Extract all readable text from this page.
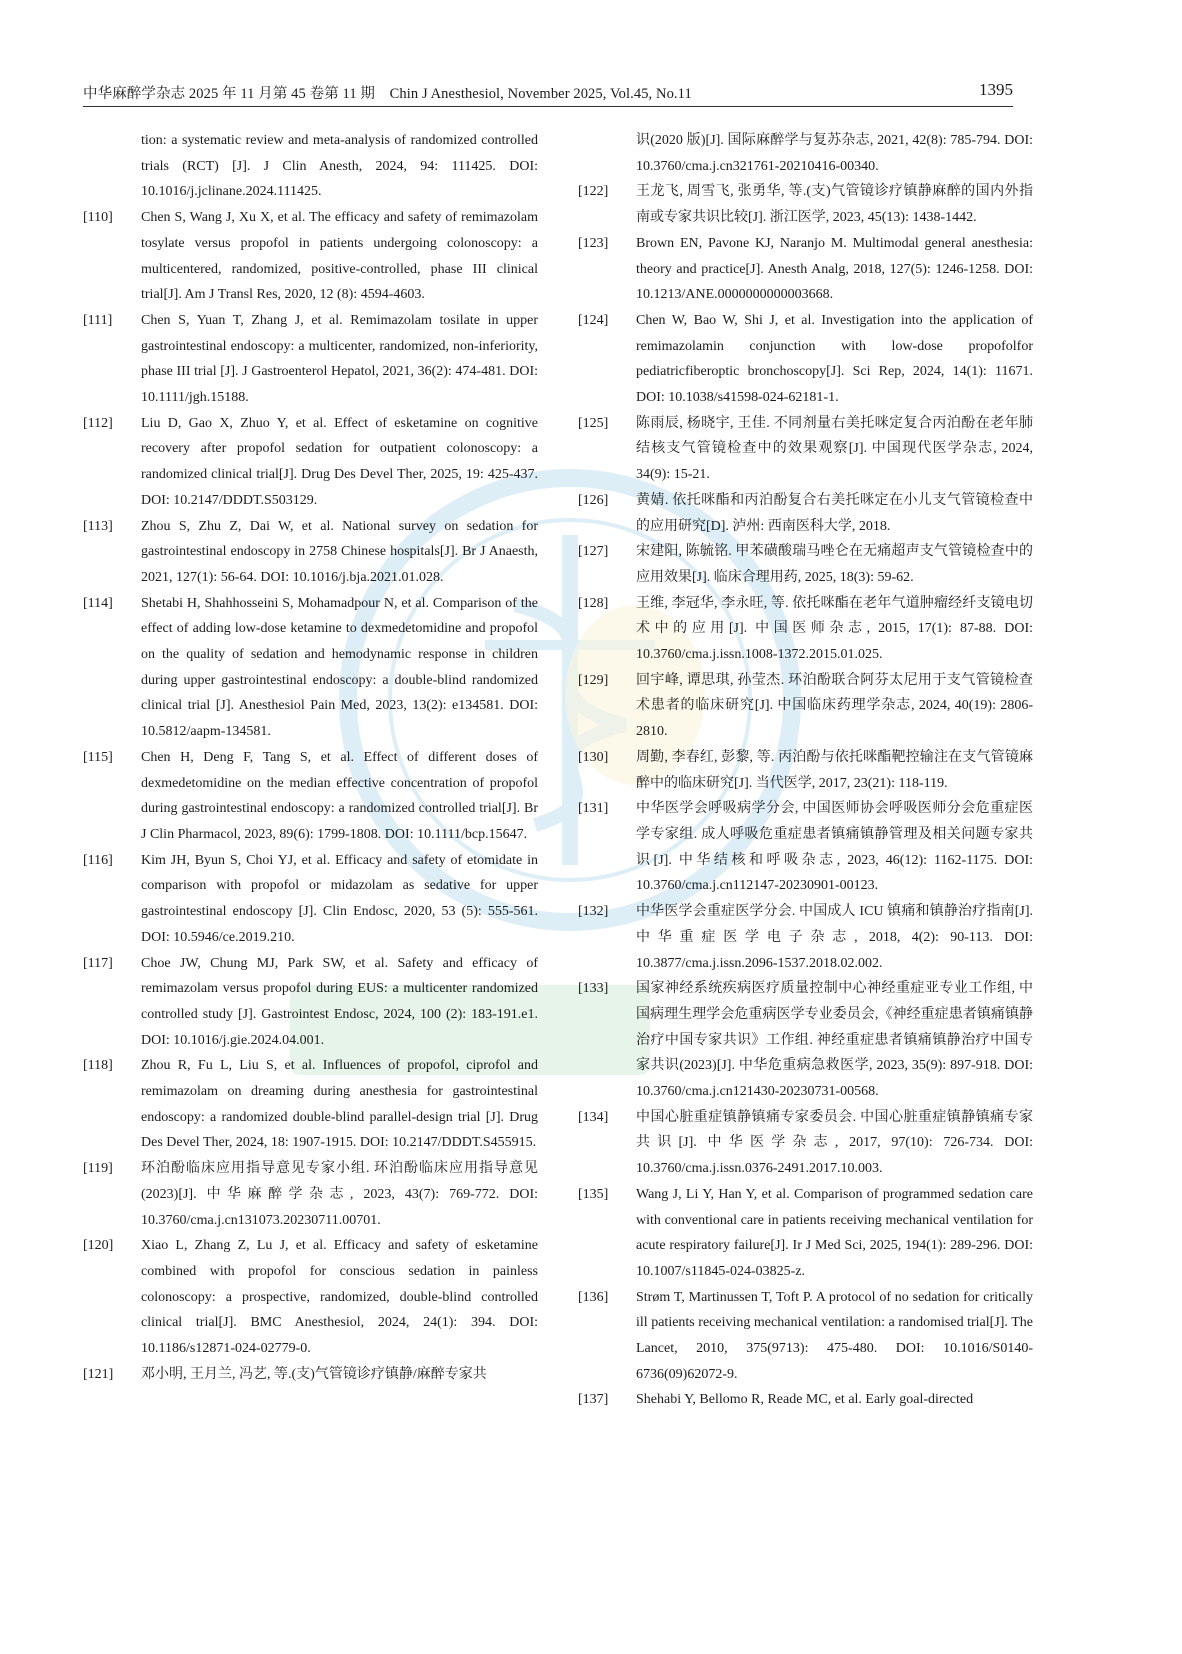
中华麻醉学杂志 2025 年 11 月第 45 卷第 11 期　Chin J Anesthesiol, November 2025, Vol.45, No.11	1395
tion: a systematic review and meta-analysis of randomized controlled trials (RCT) [J]. J Clin Anesth, 2024, 94: 111425. DOI: 10.1016/j.jclinane.2024.111425.
[110]	Chen S, Wang J, Xu X, et al. The efficacy and safety of remimazolam tosylate versus propofol in patients undergoing colonoscopy: a multicentered, randomized, positive-controlled, phase III clinical trial[J]. Am J Transl Res, 2020, 12 (8): 4594-4603.
[111]	Chen S, Yuan T, Zhang J, et al. Remimazolam tosilate in upper gastrointestinal endoscopy: a multicenter, randomized, non-inferiority, phase III trial [J]. J Gastroenterol Hepatol, 2021, 36(2): 474-481. DOI: 10.1111/jgh.15188.
[112]	Liu D, Gao X, Zhuo Y, et al. Effect of esketamine on cognitive recovery after propofol sedation for outpatient colonoscopy: a randomized clinical trial[J]. Drug Des Devel Ther, 2025, 19: 425-437. DOI: 10.2147/DDDT.S503129.
[113]	Zhou S, Zhu Z, Dai W, et al. National survey on sedation for gastrointestinal endoscopy in 2758 Chinese hospitals[J]. Br J Anaesth, 2021, 127(1): 56-64. DOI: 10.1016/j.bja.2021.01.028.
[114]	Shetabi H, Shahhosseini S, Mohamadpour N, et al. Comparison of the effect of adding low-dose ketamine to dexmedetomidine and propofol on the quality of sedation and hemodynamic response in children during upper gastrointestinal endoscopy: a double-blind randomized clinical trial [J]. Anesthesiol Pain Med, 2023, 13(2): e134581. DOI: 10.5812/aapm-134581.
[115]	Chen H, Deng F, Tang S, et al. Effect of different doses of dexmedetomidine on the median effective concentration of propofol during gastrointestinal endoscopy: a randomized controlled trial[J]. Br J Clin Pharmacol, 2023, 89(6): 1799-1808. DOI: 10.1111/bcp.15647.
[116]	Kim JH, Byun S, Choi YJ, et al. Efficacy and safety of etomidate in comparison with propofol or midazolam as sedative for upper gastrointestinal endoscopy [J]. Clin Endosc, 2020, 53 (5): 555-561. DOI: 10.5946/ce.2019.210.
[117]	Choe JW, Chung MJ, Park SW, et al. Safety and efficacy of remimazolam versus propofol during EUS: a multicenter randomized controlled study [J]. Gastrointest Endosc, 2024, 100 (2): 183-191.e1. DOI: 10.1016/j.gie.2024.04.001.
[118]	Zhou R, Fu L, Liu S, et al. Influences of propofol, ciprofol and remimazolam on dreaming during anesthesia for gastrointestinal endoscopy: a randomized double-blind parallel-design trial [J]. Drug Des Devel Ther, 2024, 18: 1907-1915. DOI: 10.2147/DDDT.S455915.
[119]	环泊酚临床应用指导意见专家小组. 环泊酚临床应用指导意见(2023)[J]. 中华麻醉学杂志, 2023, 43(7): 769-772. DOI: 10.3760/cma.j.cn131073.20230711.00701.
[120]	Xiao L, Zhang Z, Lu J, et al. Efficacy and safety of esketamine combined with propofol for conscious sedation in painless colonoscopy: a prospective, randomized, double-blind controlled clinical trial[J]. BMC Anesthesiol, 2024, 24(1): 394. DOI: 10.1186/s12871-024-02779-0.
[121]	邓小明, 王月兰, 冯艺, 等.(支)气管镜诊疗镇静/麻醉专家共
识(2020 版)[J]. 国际麻醉学与复苏杂志, 2021, 42(8): 785-794. DOI: 10.3760/cma.j.cn321761-20210416-00340.
[122]	王龙飞, 周雪飞, 张勇华, 等.(支)气管镜诊疗镇静麻醉的国内外指南或专家共识比较[J]. 浙江医学, 2023, 45(13): 1438-1442.
[123]	Brown EN, Pavone KJ, Naranjo M. Multimodal general anesthesia: theory and practice[J]. Anesth Analg, 2018, 127(5): 1246-1258. DOI: 10.1213/ANE.0000000000003668.
[124]	Chen W, Bao W, Shi J, et al. Investigation into the application of remimazolamin conjunction with low-dose propofolfor pediatricfiberoptic bronchoscopy[J]. Sci Rep, 2024, 14(1): 11671. DOI: 10.1038/s41598-024-62181-1.
[125]	陈雨辰, 杨晓宇, 王佳. 不同剂量右美托咪定复合丙泊酚在老年肺结核支气管镜检查中的效果观察[J]. 中国现代医学杂志, 2024, 34(9): 15-21.
[126]	黄婧. 依托咪酯和丙泊酚复合右美托咪定在小儿支气管镜检查中的应用研究[D]. 泸州: 西南医科大学, 2018.
[127]	宋建阳, 陈毓铭. 甲苯磺酸瑞马唑仑在无痛超声支气管镜检查中的应用效果[J]. 临床合理用药, 2025, 18(3): 59-62.
[128]	王维, 李冠华, 李永旺, 等. 依托咪酯在老年气道肿瘤经纤支镜电切术中的应用[J]. 中国医师杂志, 2015, 17(1): 87-88. DOI: 10.3760/cma.j.issn.1008-1372.2015.01.025.
[129]	回宇峰, 谭思琪, 孙莹杰. 环泊酚联合阿芬太尼用于支气管镜检查术患者的临床研究[J]. 中国临床药理学杂志, 2024, 40(19): 2806-2810.
[130]	周勤, 李春红, 彭黎, 等. 丙泊酚与依托咪酯靶控输注在支气管镜麻醉中的临床研究[J]. 当代医学, 2017, 23(21): 118-119.
[131]	中华医学会呼吸病学分会, 中国医师协会呼吸医师分会危重症医学专家组. 成人呼吸危重症患者镇痛镇静管理及相关问题专家共识[J]. 中华结核和呼吸杂志, 2023, 46(12): 1162-1175. DOI: 10.3760/cma.j.cn112147-20230901-00123.
[132]	中华医学会重症医学分会. 中国成人 ICU 镇痛和镇静治疗指南[J]. 中华重症医学电子杂志, 2018, 4(2): 90-113. DOI: 10.3877/cma.j.issn.2096-1537.2018.02.002.
[133]	国家神经系统疾病医疗质量控制中心神经重症亚专业工作组, 中国病理生理学会危重病医学专业委员会,《神经重症患者镇痛镇静治疗中国专家共识》工作组. 神经重症患者镇痛镇静治疗中国专家共识(2023)[J]. 中华危重病急救医学, 2023, 35(9): 897-918. DOI: 10.3760/cma.j.cn121430-20230731-00568.
[134]	中国心脏重症镇静镇痛专家委员会. 中国心脏重症镇静镇痛专家共识[J]. 中华医学杂志, 2017, 97(10): 726-734. DOI: 10.3760/cma.j.issn.0376-2491.2017.10.003.
[135]	Wang J, Li Y, Han Y, et al. Comparison of programmed sedation care with conventional care in patients receiving mechanical ventilation for acute respiratory failure[J]. Ir J Med Sci, 2025, 194(1): 289-296. DOI: 10.1007/s11845-024-03825-z.
[136]	Strøm T, Martinussen T, Toft P. A protocol of no sedation for critically ill patients receiving mechanical ventilation: a randomised trial[J]. The Lancet, 2010, 375(9713): 475-480. DOI: 10.1016/S0140-6736(09)62072-9.
[137]	Shehabi Y, Bellomo R, Reade MC, et al. Early goal-directed
